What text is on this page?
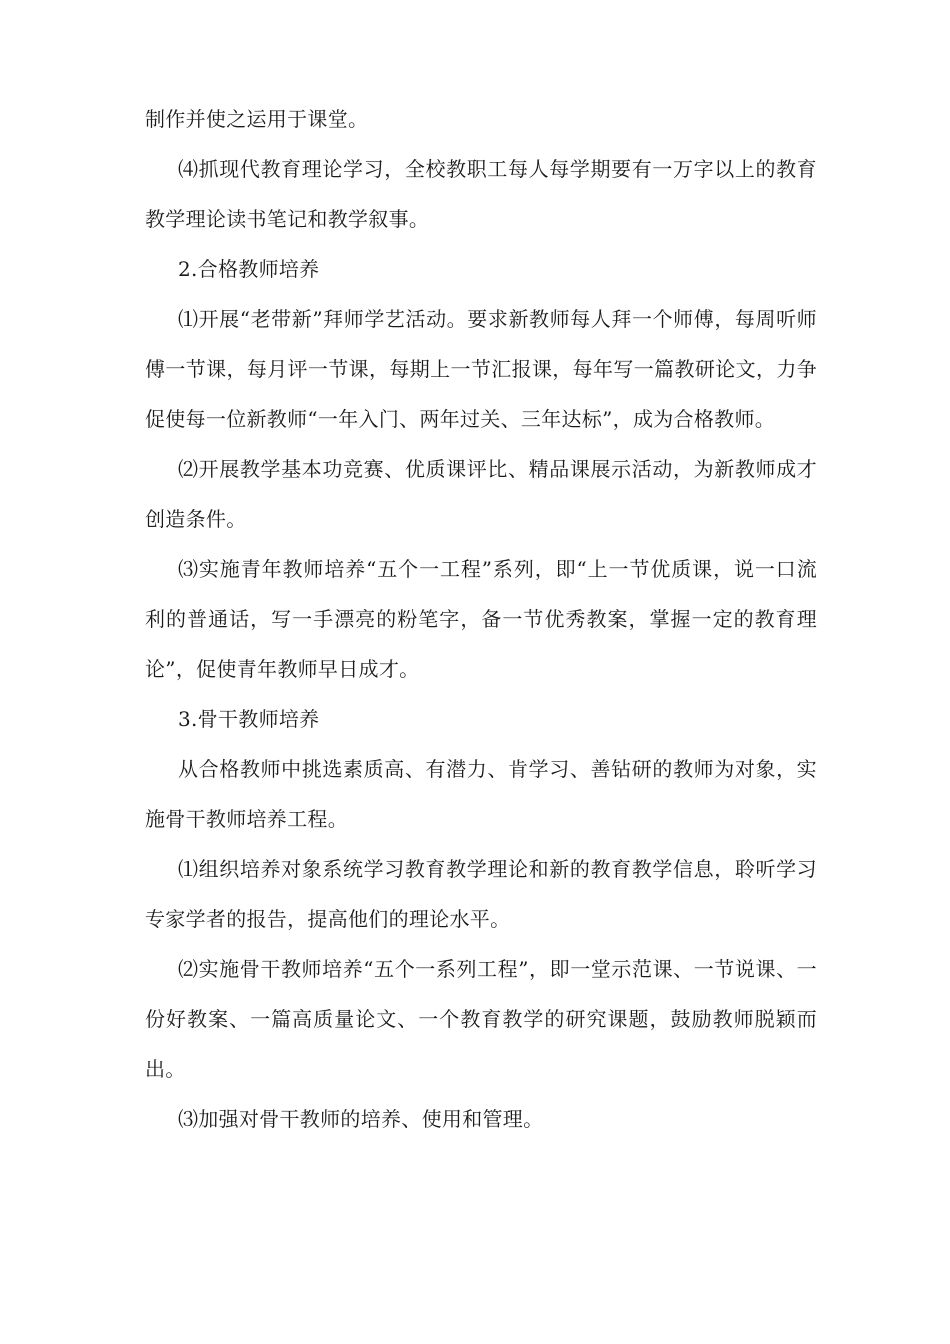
制作并使之运用于课堂。

⑷抓现代教育理论学习，全校教职工每人每学期要有一万字以上的教育教学理论读书笔记和教学叙事。

2.合格教师培养

⑴开展“老带新”拜师学艺活动。要求新教师每人拜一个师傅，每周听师傅一节课，每月评一节课，每期上一节汇报课，每年写一篇教研论文，力争促使每一位新教师“一年入门、两年过关、三年达标”，成为合格教师。

⑵开展教学基本功竞赛、优质课评比、精品课展示活动，为新教师成才创造条件。

⑶实施青年教师培养“五个一工程”系列，即“上一节优质课，说一口流利的普通话，写一手漂亮的粉笔字，备一节优秀教案，掌握一定的教育理论”，促使青年教师早日成才。

3.骨干教师培养

从合格教师中挑选素质高、有潜力、肯学习、善钻研的教师为对象，实施骨干教师培养工程。

⑴组织培养对象系统学习教育教学理论和新的教育教学信息，聆听学习专家学者的报告，提高他们的理论水平。

⑵实施骨干教师培养“五个一系列工程”，即一堂示范课、一节说课、一份好教案、一篇高质量论文、一个教育教学的研究课题，鼓励教师脱颖而出。

⑶加强对骨干教师的培养、使用和管理。
